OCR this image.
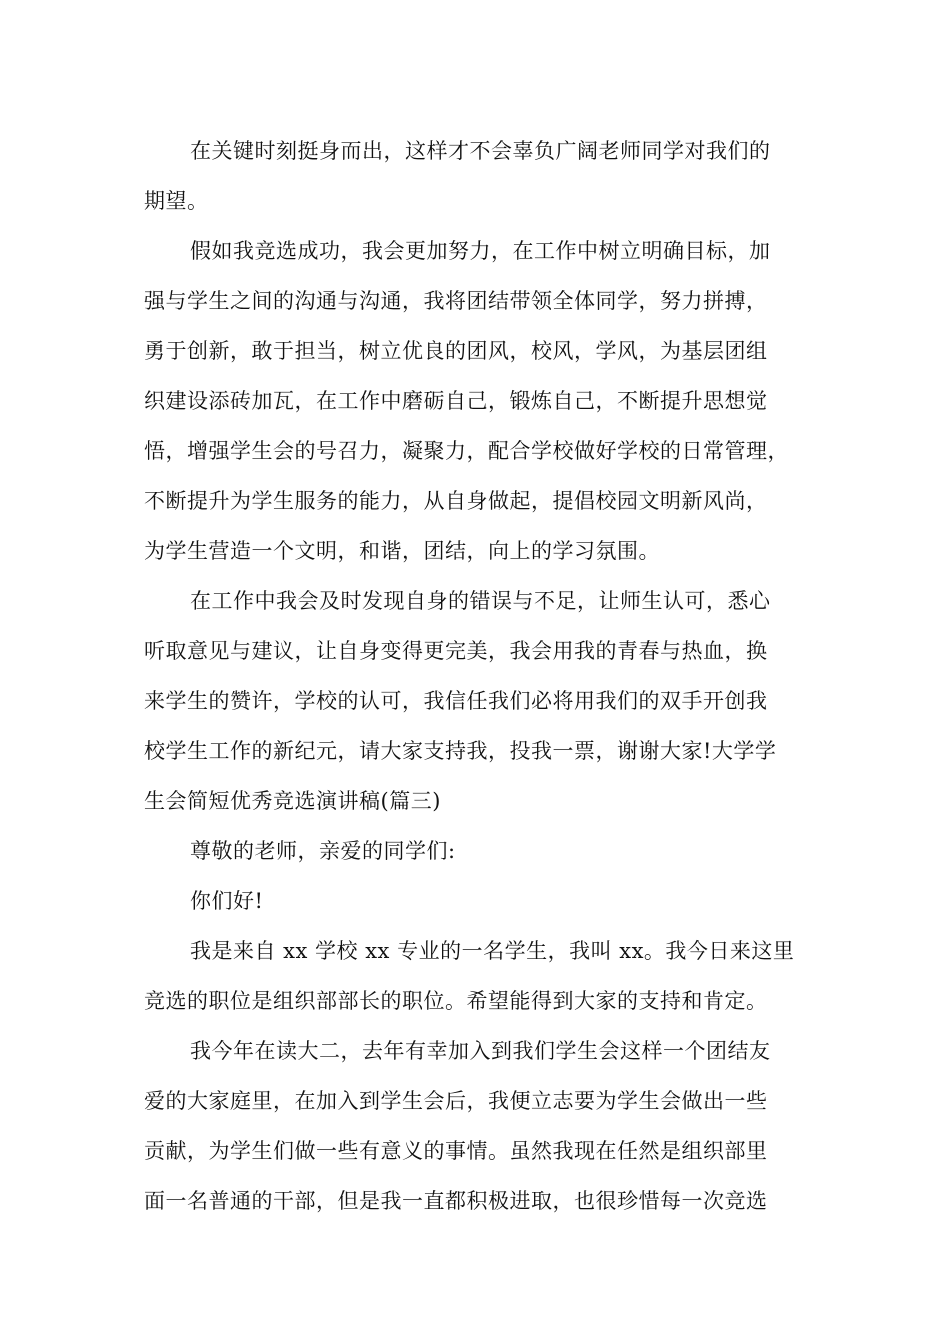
在关键时刻挺身而出，这样才不会辜负广阔老师同学对我们的
期望。
假如我竞选成功，我会更加努力，在工作中树立明确目标，加
强与学生之间的沟通与沟通，我将团结带领全体同学，努力拼搏，
勇于创新，敢于担当，树立优良的团风，校风，学风，为基层团组
织建设添砖加瓦，在工作中磨砺自己，锻炼自己，不断提升思想觉
悟，增强学生会的号召力，凝聚力，配合学校做好学校的日常管理，
不断提升为学生服务的能力，从自身做起，提倡校园文明新风尚，
为学生营造一个文明，和谐，团结，向上的学习氛围。
在工作中我会及时发现自身的错误与不足，让师生认可，悉心
听取意见与建议，让自身变得更完美，我会用我的青春与热血，换
来学生的赞许，学校的认可，我信任我们必将用我们的双手开创我
校学生工作的新纪元，请大家支持我，投我一票，谢谢大家!大学学
生会简短优秀竞选演讲稿(篇三)
尊敬的老师，亲爱的同学们:
你们好!
我是来自 xx 学校 xx 专业的一名学生，我叫 xx。我今日来这里
竞选的职位是组织部部长的职位。希望能得到大家的支持和肯定。
我今年在读大二，去年有幸加入到我们学生会这样一个团结友
爱的大家庭里，在加入到学生会后，我便立志要为学生会做出一些
贡献，为学生们做一些有意义的事情。虽然我现在任然是组织部里
面一名普通的干部，但是我一直都积极进取，也很珍惜每一次竞选
